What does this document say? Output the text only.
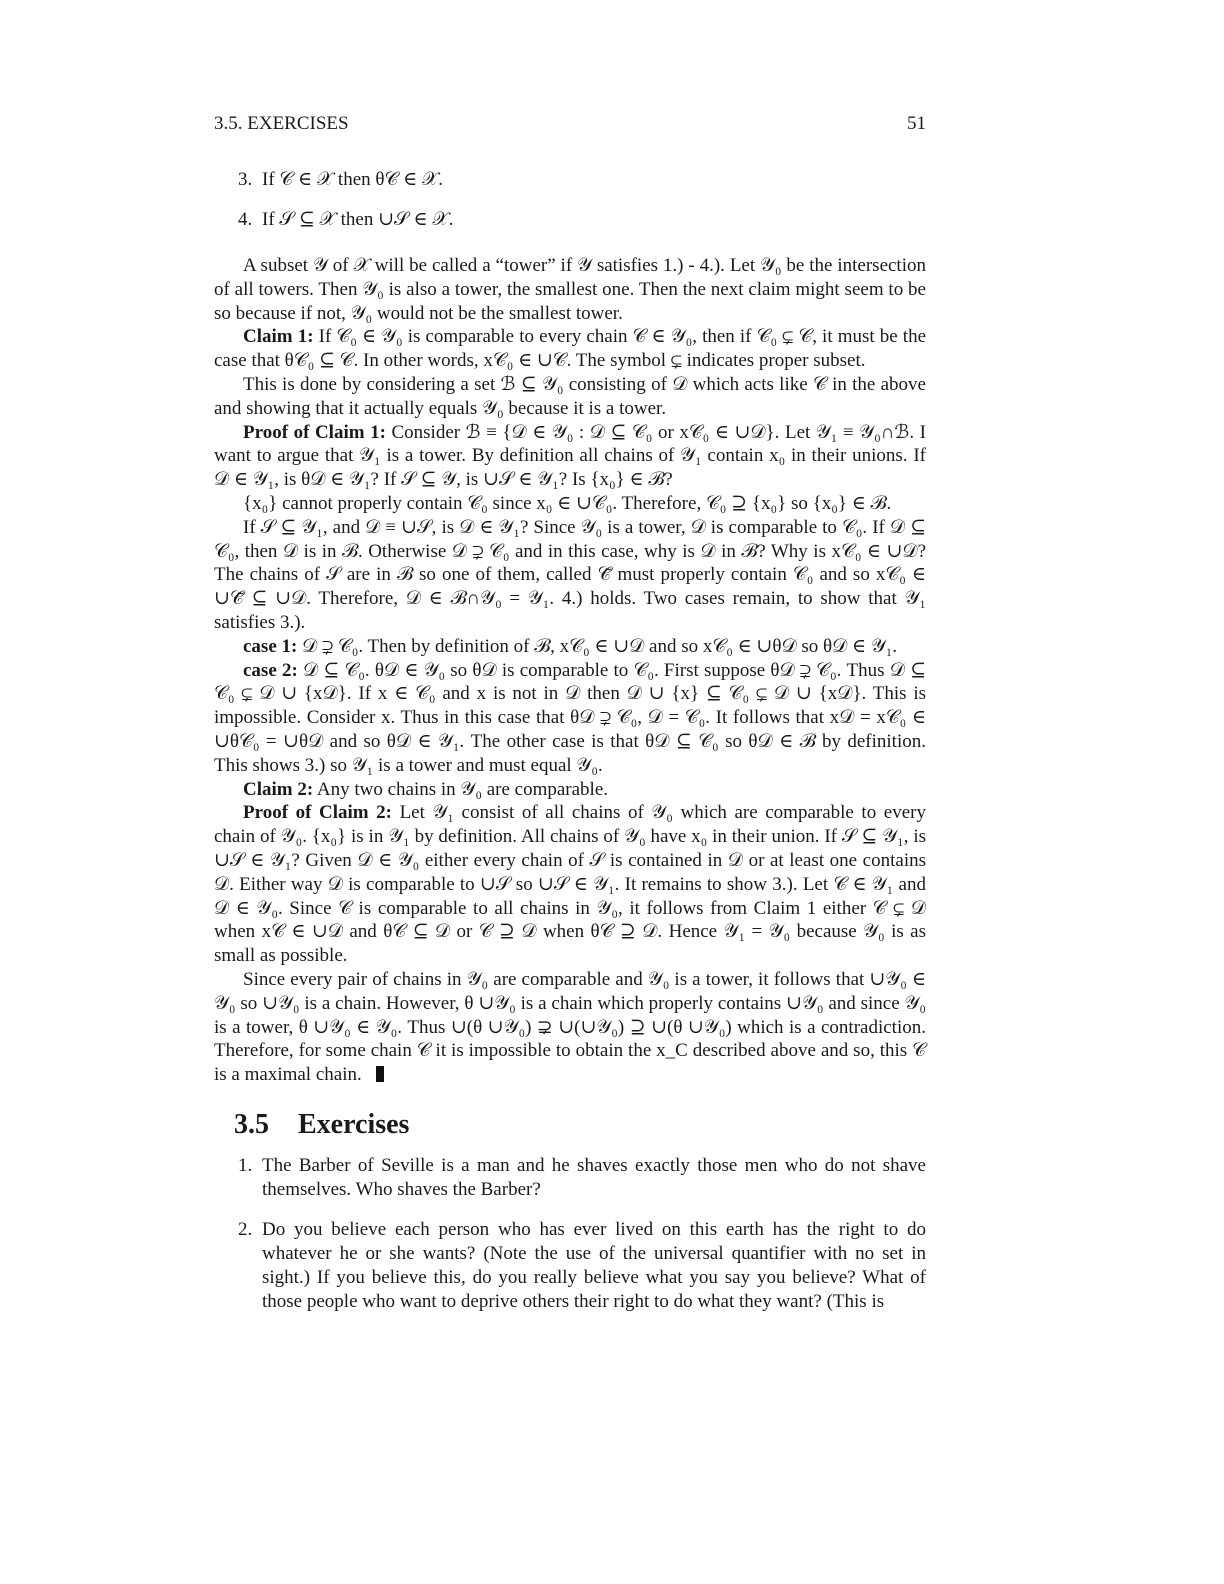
3.5. EXERCISES	51
3. If 𝒞 ∈ 𝒳 then θ𝒞 ∈ 𝒳.
4. If 𝒮 ⊆ 𝒳 then ∪𝒮 ∈ 𝒳.

A subset 𝒴 of 𝒳 will be called a “tower” if 𝒴 satisfies 1.) - 4.). Let 𝒴₀ be the intersection of all towers. Then 𝒴₀ is also a tower, the smallest one. Then the next claim might seem to be so because if not, 𝒴₀ would not be the smallest tower.

Claim 1: If 𝒞₀ ∈ 𝒴₀ is comparable to every chain 𝒞 ∈ 𝒴₀, then if 𝒞₀ ⊊ 𝒞, it must be the case that θ𝒞₀ ⊆ 𝒞. In other words, x𝒞₀ ∈ ∪𝒞. The symbol ⊊ indicates proper subset.

This is done by considering a set ℬ ⊆ 𝒴₀ consisting of 𝒟 which acts like 𝒞 in the above and showing that it actually equals 𝒴₀ because it is a tower.

Proof of Claim 1: Consider ℬ ≡ {𝒟 ∈ 𝒴₀ : 𝒟 ⊆ 𝒞₀ or x𝒞₀ ∈ ∪𝒟}. Let 𝒴₁ ≡ 𝒴₀∩ℬ. I want to argue that 𝒴₁ is a tower. By definition all chains of 𝒴₁ contain x₀ in their unions. If 𝒟 ∈ 𝒴₁, is θ𝒟 ∈ 𝒴₁? If 𝒮 ⊆ 𝒴, is ∪𝒮 ∈ 𝒴₁? Is {x₀} ∈ ℬ?

{x₀} cannot properly contain 𝒞₀ since x₀ ∈ ∪𝒞₀. Therefore, 𝒞₀ ⊇ {x₀} so {x₀} ∈ ℬ.

If 𝒮 ⊆ 𝒴₁, and 𝒟 ≡ ∪𝒮, is 𝒟 ∈ 𝒴₁? Since 𝒴₀ is a tower, 𝒟 is comparable to 𝒞₀. If 𝒟 ⊆ 𝒞₀, then 𝒟 is in ℬ. Otherwise 𝒟 ⊋ 𝒞₀ and in this case, why is 𝒟 in ℬ? Why is x𝒞₀ ∈ ∪𝒟? The chains of 𝒮 are in ℬ so one of them, called 𝒞̃ must properly contain 𝒞₀ and so x𝒞₀ ∈ ∪𝒞̃ ⊆ ∪𝒟. Therefore, 𝒟 ∈ ℬ∩𝒴₀ = 𝒴₁. 4.) holds. Two cases remain, to show that 𝒴₁ satisfies 3.).

case 1: 𝒟 ⊋ 𝒞₀. Then by definition of ℬ, x𝒞₀ ∈ ∪𝒟 and so x𝒞₀ ∈ ∪θ𝒟 so θ𝒟 ∈ 𝒴₁.

case 2: 𝒟 ⊆ 𝒞₀. θ𝒟 ∈ 𝒴₀ so θ𝒟 is comparable to 𝒞₀. First suppose θ𝒟 ⊋ 𝒞₀. Thus 𝒟 ⊆ 𝒞₀ ⊊ 𝒟 ∪ {x𝒟}. If x ∈ 𝒞₀ and x is not in 𝒟 then 𝒟 ∪ {x} ⊆ 𝒞₀ ⊊ 𝒟 ∪ {x𝒟}. This is impossible. Consider x. Thus in this case that θ𝒟 ⊋ 𝒞₀, 𝒟 = 𝒞₀. It follows that x𝒟 = x𝒞₀ ∈ ∪θ𝒞₀ = ∪θ𝒟 and so θ𝒟 ∈ 𝒴₁. The other case is that θ𝒟 ⊆ 𝒞₀ so θ𝒟 ∈ ℬ by definition. This shows 3.) so 𝒴₁ is a tower and must equal 𝒴₀.

Claim 2: Any two chains in 𝒴₀ are comparable.

Proof of Claim 2: Let 𝒴₁ consist of all chains of 𝒴₀ which are comparable to every chain of 𝒴₀. {x₀} is in 𝒴₁ by definition. All chains of 𝒴₀ have x₀ in their union. If 𝒮 ⊆ 𝒴₁, is ∪𝒮 ∈ 𝒴₁? Given 𝒟 ∈ 𝒴₀ either every chain of 𝒮 is contained in 𝒟 or at least one contains 𝒟. Either way 𝒟 is comparable to ∪𝒮 so ∪𝒮 ∈ 𝒴₁. It remains to show 3.). Let 𝒞 ∈ 𝒴₁ and 𝒟 ∈ 𝒴₀. Since 𝒞 is comparable to all chains in 𝒴₀, it follows from Claim 1 either 𝒞 ⊊ 𝒟 when x𝒞 ∈ ∪𝒟 and θ𝒞 ⊆ 𝒟 or 𝒞 ⊇ 𝒟 when θ𝒞 ⊇ 𝒟. Hence 𝒴₁ = 𝒴₀ because 𝒴₀ is as small as possible.

Since every pair of chains in 𝒴₀ are comparable and 𝒴₀ is a tower, it follows that ∪𝒴₀ ∈ 𝒴₀ so ∪𝒴₀ is a chain. However, θ ∪𝒴₀ is a chain which properly contains ∪𝒴₀ and since 𝒴₀ is a tower, θ ∪𝒴₀ ∈ 𝒴₀. Thus ∪(θ ∪𝒴₀) ⊋ ∪(∪𝒴₀) ⊇ ∪(θ ∪𝒴₀) which is a contradiction. Therefore, for some chain 𝒞 it is impossible to obtain the x_C described above and so, this 𝒞 is a maximal chain.

3.5 Exercises
1. The Barber of Seville is a man and he shaves exactly those men who do not shave themselves. Who shaves the Barber?
2. Do you believe each person who has ever lived on this earth has the right to do whatever he or she wants? (Note the use of the universal quantifier with no set in sight.) If you believe this, do you really believe what you say you believe? What of those people who want to deprive others their right to do what they want? (This is
